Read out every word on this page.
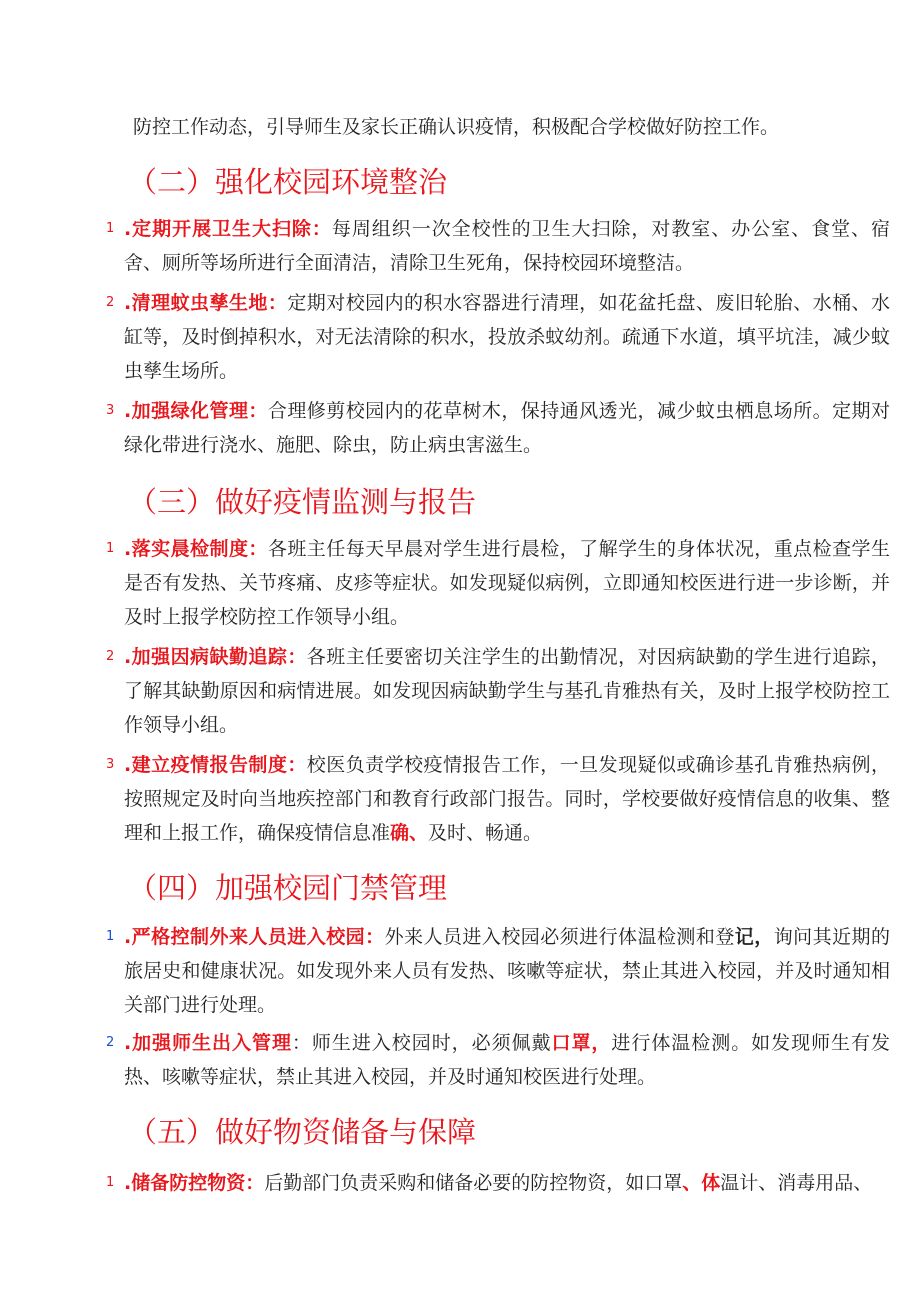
防控工作动态，引导师生及家长正确认识疫情，积极配合学校做好防控工作。
（二）强化校园环境整治
1 .定期开展卫生大扫除：每周组织一次全校性的卫生大扫除，对教室、办公室、食堂、宿舍、厕所等场所进行全面清洁，清除卫生死角，保持校园环境整洁。
2 .清理蚊虫孳生地：定期对校园内的积水容器进行清理，如花盆托盘、废旧轮胎、水桶、水缸等，及时倒掉积水，对无法清除的积水，投放杀蚊幼剂。疏通下水道，填平坑洼，减少蚊虫孳生场所。
3 .加强绿化管理：合理修剪校园内的花草树木，保持通风透光，减少蚊虫栖息场所。定期对绿化带进行浇水、施肥、除虫，防止病虫害滋生。
（三）做好疫情监测与报告
1 .落实晨检制度：各班主任每天早晨对学生进行晨检，了解学生的身体状况，重点检查学生是否有发热、关节疼痛、皮疹等症状。如发现疑似病例，立即通知校医进行进一步诊断，并及时上报学校防控工作领导小组。
2 .加强因病缺勤追踪：各班主任要密切关注学生的出勤情况，对因病缺勤的学生进行追踪，了解其缺勤原因和病情进展。如发现因病缺勤学生与基孔肯雅热有关，及时上报学校防控工作领导小组。
3 .建立疫情报告制度：校医负责学校疫情报告工作，一旦发现疑似或确诊基孔肯雅热病例，按照规定及时向当地疾控部门和教育行政部门报告。同时，学校要做好疫情信息的收集、整理和上报工作，确保疫情信息准确、及时、畅通。
（四）加强校园门禁管理
1 .严格控制外来人员进入校园：外来人员进入校园必须进行体温检测和登记，询问其近期的旅居史和健康状况。如发现外来人员有发热、咳嗽等症状，禁止其进入校园，并及时通知相关部门进行处理。
2 .加强师生出入管理：师生进入校园时，必须佩戴口罩，进行体温检测。如发现师生有发热、咳嗽等症状，禁止其进入校园，并及时通知校医进行处理。
（五）做好物资储备与保障
1 .储备防控物资：后勤部门负责采购和储备必要的防控物资，如口罩、体温计、消毒用品、
